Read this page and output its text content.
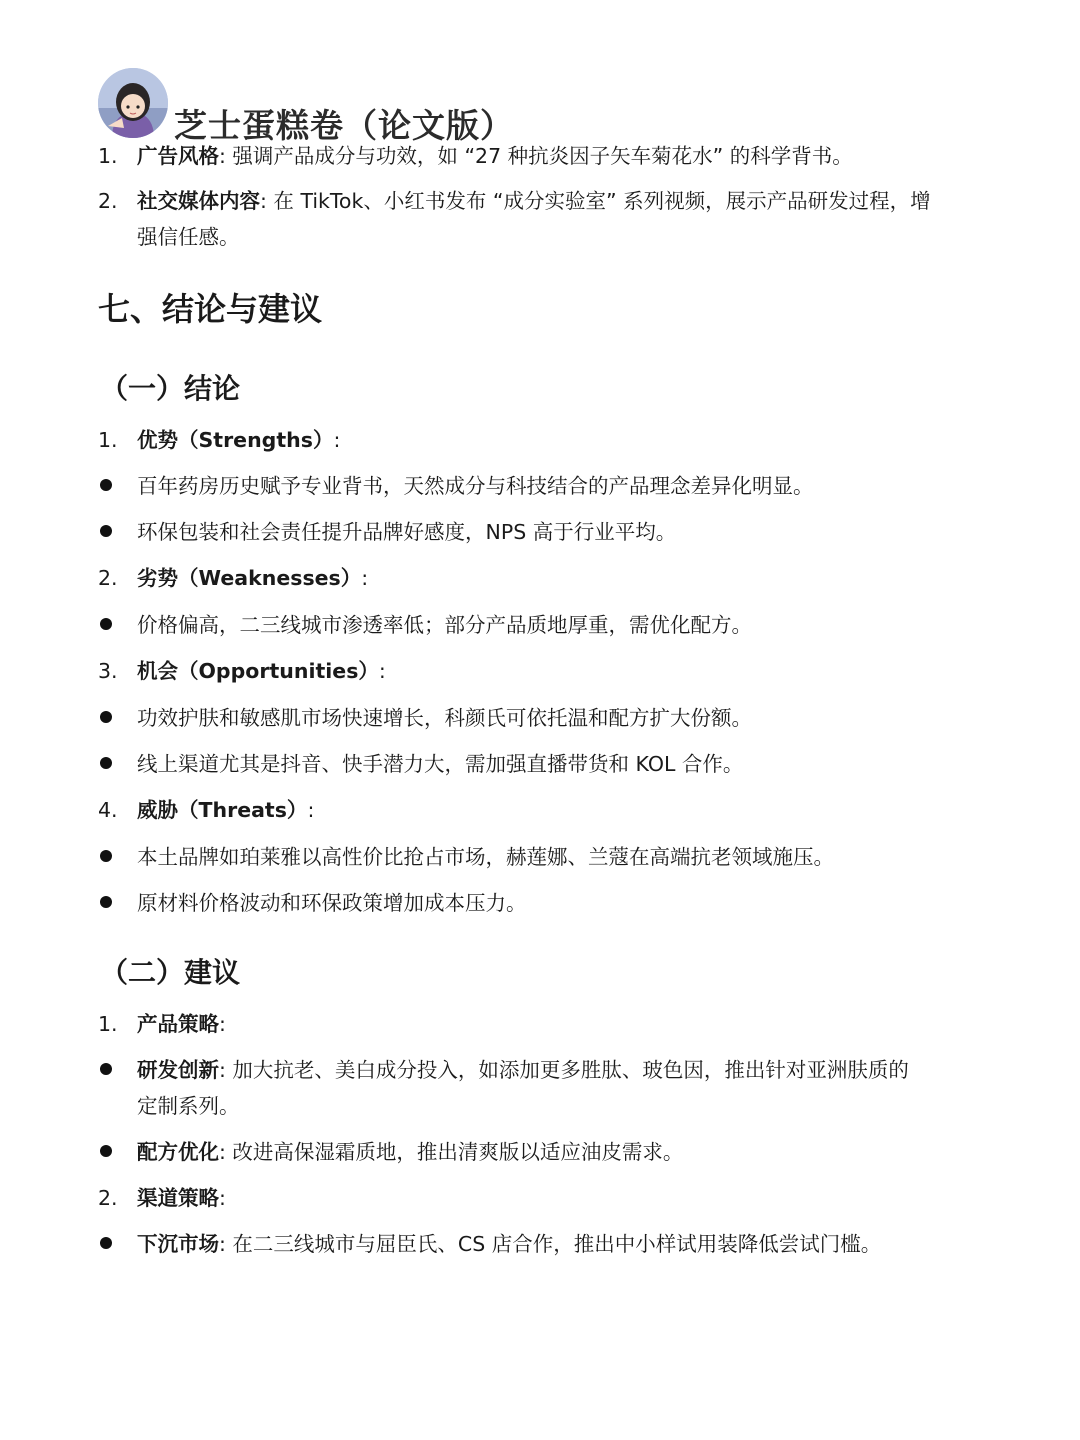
芝士蛋糕卷（论文版）
1. 广告风格: 强调产品成分与功效，如 “27 种抗炎因子矢车菊花水” 的科学背书。
2. 社交媒体内容: 在 TikTok、小红书发布 “成分实验室” 系列视频，展示产品研发过程，增
强信任感。
七、结论与建议
（一）结论
1. 优势（Strengths）:
百年药房历史赋予专业背书，天然成分与科技结合的产品理念差异化明显。
环保包装和社会责任提升品牌好感度，NPS 高于行业平均。
2. 劣势（Weaknesses）:
价格偏高，二三线城市渗透率低；部分产品质地厚重，需优化配方。
3. 机会（Opportunities）:
功效护肤和敏感肌市场快速增长，科颜氏可依托温和配方扩大份额。
线上渠道尤其是抖音、快手潜力大，需加强直播带货和 KOL 合作。
4. 威胁（Threats）:
本土品牌如珀莱雅以高性价比抢占市场，赫莲娜、兰蔻在高端抗老领域施压。
原材料价格波动和环保政策增加成本压力。
（二）建议
1. 产品策略:
研发创新: 加大抗老、美白成分投入，如添加更多胜肽、玻色因，推出针对亚洲肤质的
定制系列。
配方优化: 改进高保湿霜质地，推出清爽版以适应油皮需求。
2. 渠道策略:
下沉市场: 在二三线城市与屈臣氏、CS 店合作，推出中小样试用装降低尝试门槛。
